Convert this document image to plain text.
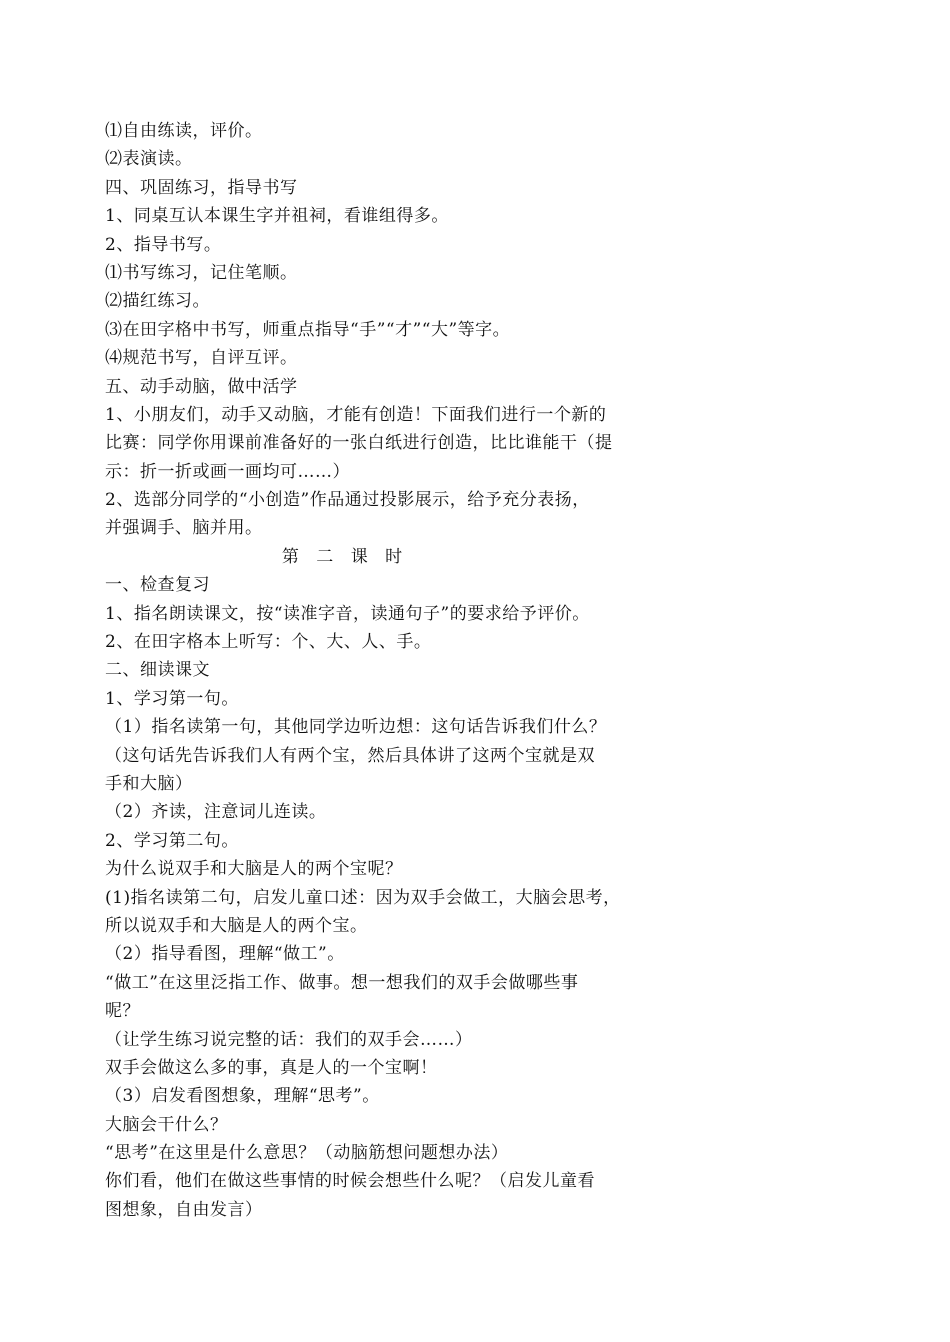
⑴自由练读，评价。
⑵表演读。
四、巩固练习，指导书写
1、同桌互认本课生字并祖祠，看谁组得多。
2、指导书写。
⑴书写练习，记住笔顺。
⑵描红练习。
⑶在田字格中书写，师重点指导“手”“才”“大”等字。
⑷规范书写，自评互评。
五、动手动脑，做中活学
1、小朋友们，动手又动脑，才能有创造！下面我们进行一个新的
比赛：同学你用课前准备好的一张白纸进行创造，比比谁能干（提
示：折一折或画一画均可……）
2、选部分同学的“小创造”作品通过投影展示，给予充分表扬，
并强调手、脑并用。
第 二 课 时
一、检查复习
1、指名朗读课文，按“读准字音，读通句子”的要求给予评价。
2、在田字格本上听写：个、大、人、手。
二、细读课文
1、学习第一句。
（1）指名读第一句，其他同学边听边想：这句话告诉我们什么？
（这句话先告诉我们人有两个宝，然后具体讲了这两个宝就是双
手和大脑）
（2）齐读，注意词儿连读。
2、学习第二句。
为什么说双手和大脑是人的两个宝呢？
(1)指名读第二句，启发儿童口述：因为双手会做工，大脑会思考，
所以说双手和大脑是人的两个宝。
（2）指导看图，理解“做工”。
“做工”在这里泛指工作、做事。想一想我们的双手会做哪些事
呢？
（让学生练习说完整的话：我们的双手会……）
双手会做这么多的事，真是人的一个宝啊！
（3）启发看图想象，理解“思考”。
大脑会干什么？
“思考”在这里是什么意思？（动脑筋想问题想办法）
你们看，他们在做这些事情的时候会想些什么呢？（启发儿童看
图想象，自由发言）
